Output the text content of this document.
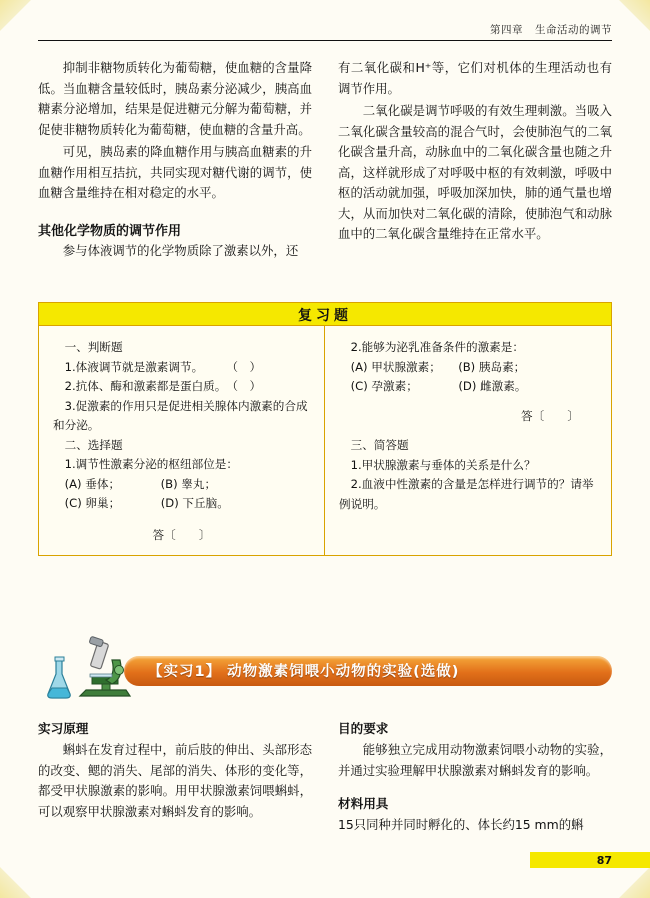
第四章 生命活动的调节

抑制非糖物质转化为葡萄糖，使血糖的含量降低。当血糖含量较低时，胰岛素分泌减少，胰高血糖素分泌增加，结果是促进糖元分解为葡萄糖，并促使非糖物质转化为葡萄糖，使血糖的含量升高。

可见，胰岛素的降血糖作用与胰高血糖素的升血糖作用相互拮抗，共同实现对糖代谢的调节，使血糖含量维持在相对稳定的水平。

其他化学物质的调节作用

参与体液调节的化学物质除了激素以外，还

有二氧化碳和H⁺等，它们对机体的生理活动也有调节作用。

二氧化碳是调节呼吸的有效生理刺激。当吸入二氧化碳含量较高的混合气时，会使肺泡气的二氧化碳含量升高，动脉血中的二氧化碳含量也随之升高，这样就形成了对呼吸中枢的有效刺激，呼吸中枢的活动就加强，呼吸加深加快，肺的通气量也增大，从而加快对二氧化碳的清除，使肺泡气和动脉血中的二氧化碳含量维持在正常水平。

复习题

一、判断题

1.体液调节就是激素调节。　　　（　）

2.抗体、酶和激素都是蛋白质。　（　）

3.促激素的作用只是促进相关腺体内激素的合成和分泌。

二、选择题

1.调节性激素分泌的枢纽部位是：

(A) 垂体；　　　　(B) 睾丸；

(C) 卵巢；　　　　(D) 下丘脑。

答〔　　〕

2.能够为泌乳准备条件的激素是：

(A) 甲状腺激素；　　(B) 胰岛素；

(C) 孕激素；　　　　(D) 雌激素。

答〔　　〕

三、简答题

1.甲状腺激素与垂体的关系是什么？

2.血液中性激素的含量是怎样进行调节的？请举例说明。

【实习1】 动物激素饲喂小动物的实验(选做)
实习原理

蝌蚪在发育过程中，前后肢的伸出、头部形态的改变、鳃的消失、尾部的消失、体形的变化等，都受甲状腺激素的影响。用甲状腺激素饲喂蝌蚪，可以观察甲状腺激素对蝌蚪发育的影响。

目的要求

能够独立完成用动物激素饲喂小动物的实验，并通过实验理解甲状腺激素对蝌蚪发育的影响。

材料用具

15只同种并同时孵化的、体长约15 mm的蝌

87
